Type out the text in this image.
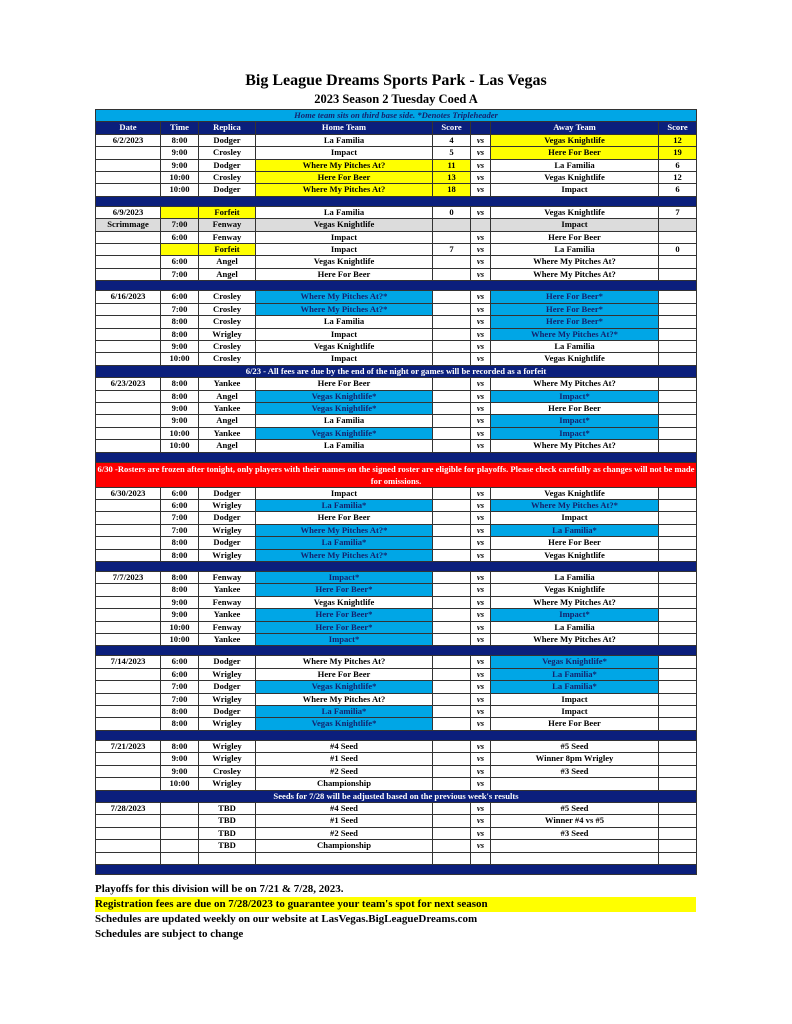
Big League Dreams Sports Park - Las Vegas
2023 Season 2 Tuesday Coed A
Home team sits on third base side. *Denotes Tripleheader							
Date	Time	Replica	Home Team	Score		Away Team	Score
6/2/2023	8:00	Dodger	La Familia	4	vs	Vegas Knightlife	12
	9:00	Crosley	Impact	5	vs	Here For Beer	19
	9:00	Dodger	Where My Pitches At?	11	vs	La Familia	6
	10:00	Crosley	Here For Beer	13	vs	Vegas Knightlife	12
	10:00	Dodger	Where My Pitches At?	18	vs	Impact	6

6/9/2023		Forfeit	La Familia	0	vs	Vegas Knightlife	7
Scrimmage	7:00	Fenway	Vegas Knightlife			Impact	
	6:00	Fenway	Impact		vs	Here For Beer	
		Forfeit	Impact	7	vs	La Familia	0
	6:00	Angel	Vegas Knightlife		vs	Where My Pitches At?	
	7:00	Angel	Here For Beer		vs	Where My Pitches At?	

6/16/2023	6:00	Crosley	Where My Pitches At?*		vs	Here For Beer*	
	7:00	Crosley	Where My Pitches At?*		vs	Here For Beer*	
	8:00	Crosley	La Familia		vs	Here For Beer*	
	8:00	Wrigley	Impact		vs	Where My Pitches At?*	
	9:00	Crosley	Vegas Knightlife		vs	La Familia	
	10:00	Crosley	Impact		vs	Vegas Knightlife	
6/23 - All fees are due by the end of the night or games will be recorded as a forfeit							
6/23/2023	8:00	Yankee	Here For Beer		vs	Where My Pitches At?	
	8:00	Angel	Vegas Knightlife*		vs	Impact*	
	9:00	Yankee	Vegas Knightlife*		vs	Here For Beer	
	9:00	Angel	La Familia		vs	Impact*	
	10:00	Yankee	Vegas Knightlife*		vs	Impact*	
	10:00	Angel	La Familia		vs	Where My Pitches At?	

6/30 -Rosters are frozen after tonight, only players with their names on the signed roster are eligible for playoffs. Please check carefully as changes will not be made for omissions.							
6/30/2023	6:00	Dodger	Impact		vs	Vegas Knightlife	
	6:00	Wrigley	La Familia*		vs	Where My Pitches At?*	
	7:00	Dodger	Here For Beer		vs	Impact	
	7:00	Wrigley	Where My Pitches At?*		vs	La Familia*	
	8:00	Dodger	La Familia*		vs	Here For Beer	
	8:00	Wrigley	Where My Pitches At?*		vs	Vegas Knightlife	

7/7/2023	8:00	Fenway	Impact*		vs	La Familia	
	8:00	Yankee	Here For Beer*		vs	Vegas Knightlife	
	9:00	Fenway	Vegas Knightlife		vs	Where My Pitches At?	
	9:00	Yankee	Here For Beer*		vs	Impact*	
	10:00	Fenway	Here For Beer*		vs	La Familia	
	10:00	Yankee	Impact*		vs	Where My Pitches At?	

7/14/2023	6:00	Dodger	Where My Pitches At?		vs	Vegas Knightlife*	
	6:00	Wrigley	Here For Beer		vs	La Familia*	
	7:00	Dodger	Vegas Knightlife*		vs	La Familia*	
	7:00	Wrigley	Where My Pitches At?		vs	Impact	
	8:00	Dodger	La Familia*		vs	Impact	
	8:00	Wrigley	Vegas Knightlife*		vs	Here For Beer	

7/21/2023	8:00	Wrigley	#4 Seed		vs	#5 Seed	
	9:00	Wrigley	#1 Seed		vs	Winner 8pm Wrigley	
	9:00	Crosley	#2 Seed		vs	#3 Seed	
	10:00	Wrigley	Championship		vs		
Seeds for 7/28 will be adjusted based on the previous week's results							
7/28/2023		TBD	#4 Seed		vs	#5 Seed	
		TBD	#1 Seed		vs	Winner #4 vs #5	
		TBD	#2 Seed		vs	#3 Seed	
		TBD	Championship		vs		

Playoffs for this division will be on 7/21 & 7/28, 2023.
Registration fees are due on 7/28/2023 to guarantee your team's spot for next season
Schedules are updated weekly on our website at LasVegas.BigLeagueDreams.com
Schedules are subject to change
